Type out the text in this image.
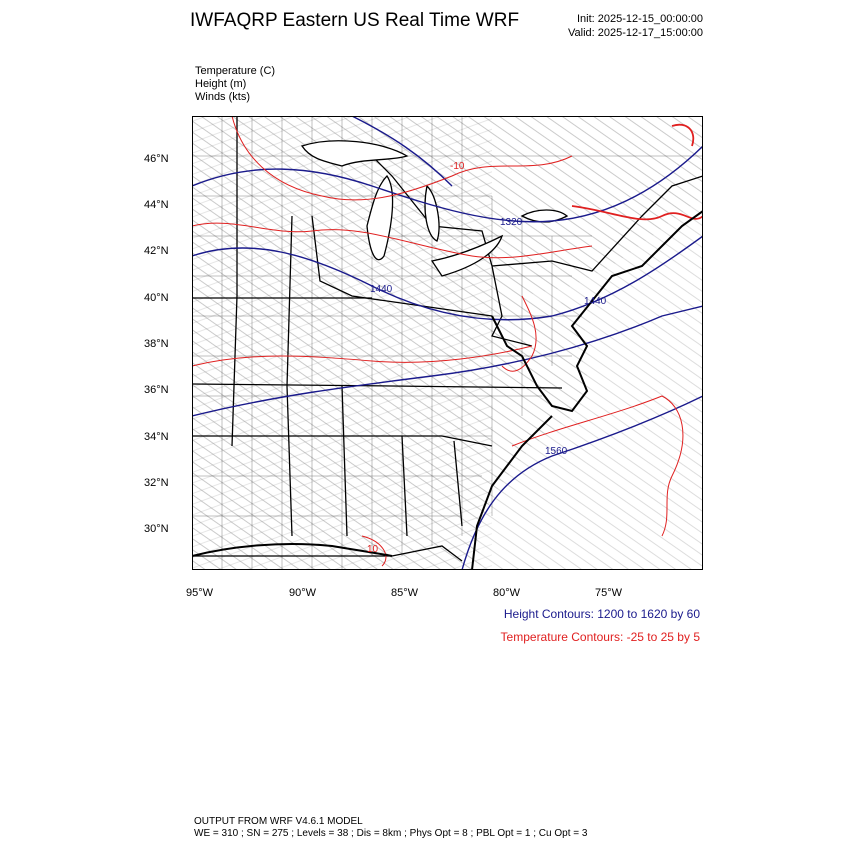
IWFAQRP Eastern US Real Time WRF	Init: 2025-12-15_00:00:00
Valid: 2025-12-17_15:00:00
Temperature (C)
Height (m)
Winds (kts)
1320
1440
1440
1560
-10
10
46°N
44°N
42°N
40°N
38°N
36°N
34°N
32°N
30°N
95°W	90°W	85°W	80°W	75°W
Height Contours: 1200 to 1620 by 60
Temperature Contours: -25 to 25 by 5
OUTPUT FROM WRF V4.6.1 MODEL
WE = 310 ; SN = 275 ; Levels = 38 ; Dis = 8km ; Phys Opt = 8 ; PBL Opt = 1 ; Cu Opt = 3
